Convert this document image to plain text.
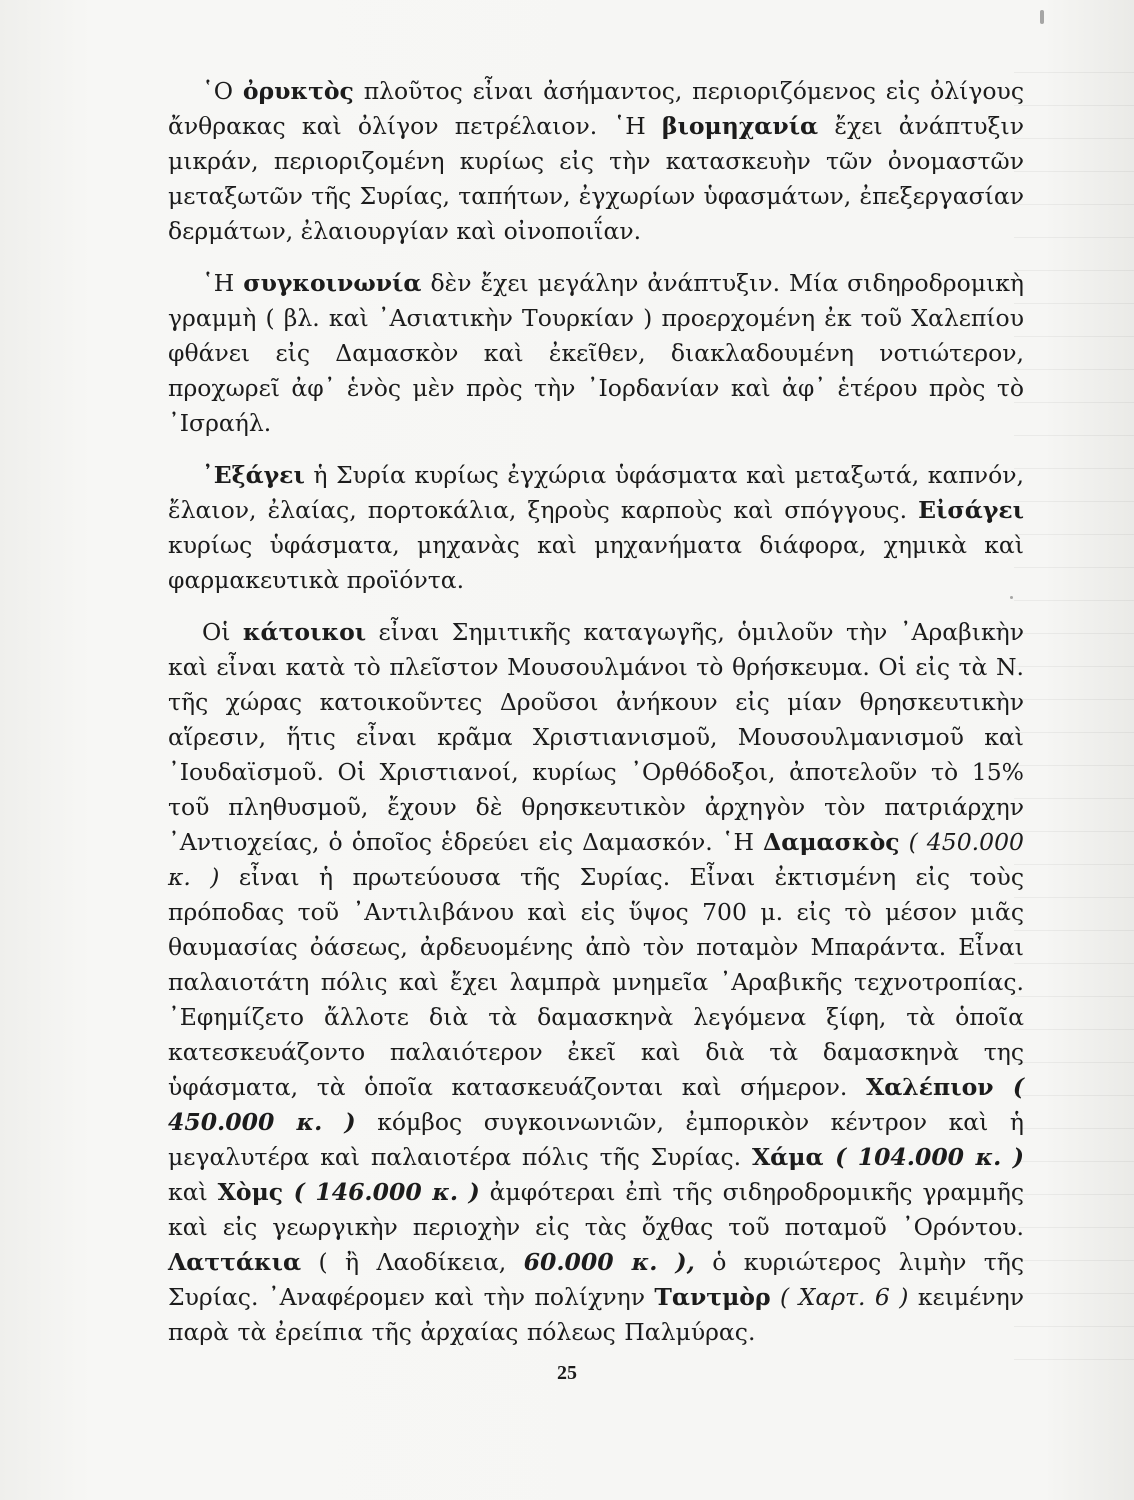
῾Ο ὀρυκτὸς πλοῦτος εἶναι ἀσήμαντος, περιοριζόμενος εἰς ὀλίγους ἄνθρακας καὶ ὀλίγον πετρέλαιον. ῾Η βιομηχανία ἔχει ἀνάπτυξιν μικράν, περιοριζομένη κυρίως εἰς τὴν κατασκευὴν τῶν ὀνομαστῶν μεταξωτῶν τῆς Συρίας, ταπήτων, ἐγχωρίων ὑφασμάτων, ἐπεξεργασίαν δερμάτων, ἐλαιουργίαν καὶ οἰνοποιΐαν.

῾Η συγκοινωνία δὲν ἔχει μεγάλην ἀνάπτυξιν. Μία σιδηροδρομικὴ γραμμὴ ( βλ. καὶ ᾿Ασιατικὴν Τουρκίαν ) προερχομένη ἐκ τοῦ Χαλεπίου φθάνει εἰς Δαμασκὸν καὶ ἐκεῖθεν, διακλαδουμένη νοτιώτερον, προχωρεῖ ἀφ᾿ ἑνὸς μὲν πρὸς τὴν ᾿Ιορδανίαν καὶ ἀφ᾿ ἑτέρου πρὸς τὸ ᾿Ισραήλ.

᾿Εξάγει ἡ Συρία κυρίως ἐγχώρια ὑφάσματα καὶ μεταξωτά, καπνόν, ἔλαιον, ἐλαίας, πορτοκάλια, ξηροὺς καρποὺς καὶ σπόγγους. Εἰσάγει κυρίως ὑφάσματα, μηχανὰς καὶ μηχανήματα διάφορα, χημικὰ καὶ φαρμακευτικὰ προϊόντα.

Οἱ κάτοικοι εἶναι Σημιτικῆς καταγωγῆς, ὁμιλοῦν τὴν ᾿Αραβικὴν καὶ εἶναι κατὰ τὸ πλεῖστον Μουσουλμάνοι τὸ θρήσκευμα. Οἱ εἰς τὰ Ν. τῆς χώρας κατοικοῦντες Δροῦσοι ἀνήκουν εἰς μίαν θρησκευτικὴν αἵρεσιν, ἥτις εἶναι κρᾶμα Χριστιανισμοῦ, Μουσουλμανισμοῦ καὶ ᾿Ιουδαϊσμοῦ. Οἱ Χριστιανοί, κυρίως ᾿Ορθόδοξοι, ἀποτελοῦν τὸ 15% τοῦ πληθυσμοῦ, ἔχουν δὲ θρησκευτικὸν ἀρχηγὸν τὸν πατριάρχην ᾿Αντιοχείας, ὁ ὁποῖος ἑδρεύει εἰς Δαμασκόν. ῾Η Δαμασκὸς ( 450.000 κ. ) εἶναι ἡ πρωτεύουσα τῆς Συρίας. Εἶναι ἐκτισμένη εἰς τοὺς πρόποδας τοῦ ᾿Αντιλιβάνου καὶ εἰς ὕψος 700 μ. εἰς τὸ μέσον μιᾶς θαυμασίας ὀάσεως, ἀρδευομένης ἀπὸ τὸν ποταμὸν Μπαράντα. Εἶναι παλαιοτάτη πόλις καὶ ἔχει λαμπρὰ μνημεῖα ᾿Αραβικῆς τεχνοτροπίας. ᾿Εφημίζετο ἄλλοτε διὰ τὰ δαμασκηνὰ λεγόμενα ξίφη, τὰ ὁποῖα κατεσκευάζοντο παλαιότερον ἐκεῖ καὶ διὰ τὰ δαμασκηνὰ της ὑφάσματα, τὰ ὁποῖα κατασκευάζονται καὶ σήμερον. Χαλέπιον ( 450.000 κ. ) κόμβος συγκοινωνιῶν, ἐμπορικὸν κέντρον καὶ ἡ μεγαλυτέρα καὶ παλαιοτέρα πόλις τῆς Συρίας. Χάμα ( 104.000 κ. ) καὶ Χὸμς ( 146.000 κ. ) ἀμφότεραι ἐπὶ τῆς σιδηροδρομικῆς γραμμῆς καὶ εἰς γεωργικὴν περιοχὴν εἰς τὰς ὄχθας τοῦ ποταμοῦ ᾿Ορόντου. Λαττάκια ( ἢ Λαοδίκεια, 60.000 κ. ), ὁ κυριώτερος λιμὴν τῆς Συρίας. ᾿Αναφέρομεν καὶ τὴν πολίχνην Ταντμὸρ ( Χαρτ. 6 ) κειμένην παρὰ τὰ ἐρείπια τῆς ἀρχαίας πόλεως Παλμύρας.

25
